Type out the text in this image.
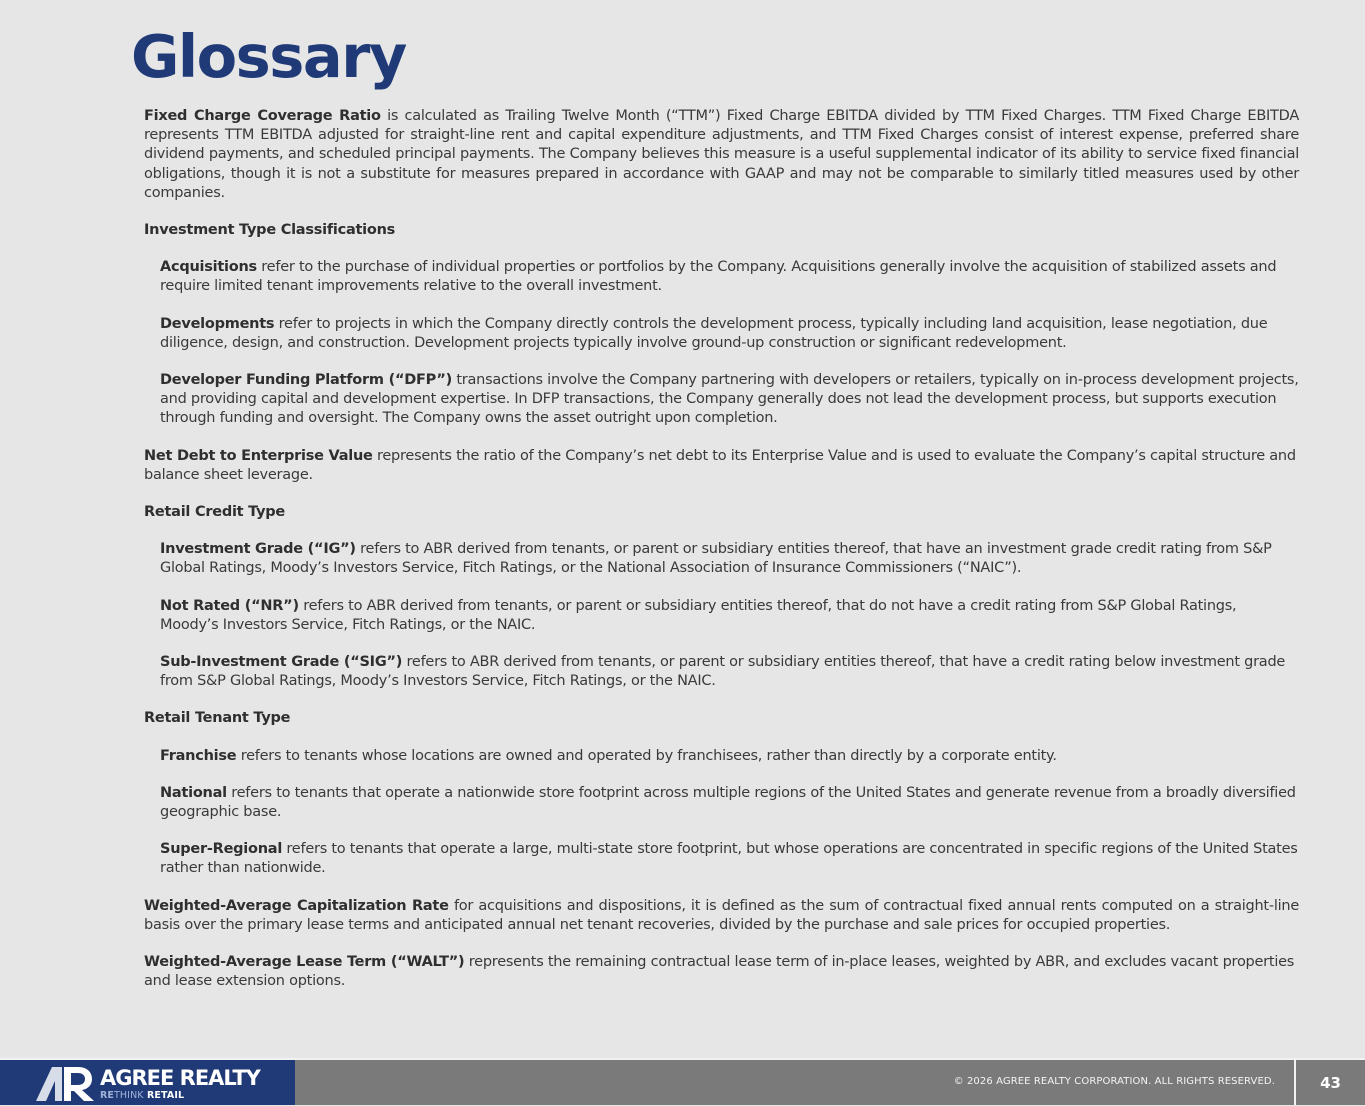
Glossary

Fixed Charge Coverage Ratio is calculated as Trailing Twelve Month (“TTM”) Fixed Charge EBITDA divided by TTM Fixed Charges. TTM Fixed Charge EBITDA represents TTM EBITDA adjusted for straight-line rent and capital expenditure adjustments, and TTM Fixed Charges consist of interest expense, preferred share dividend payments, and scheduled principal payments. The Company believes this measure is a useful supplemental indicator of its ability to service fixed financial obligations, though it is not a substitute for measures prepared in accordance with GAAP and may not be comparable to similarly titled measures used by other companies.

Investment Type Classifications

Acquisitions refer to the purchase of individual properties or portfolios by the Company. Acquisitions generally involve the acquisition of stabilized assets and require limited tenant improvements relative to the overall investment.

Developments refer to projects in which the Company directly controls the development process, typically including land acquisition, lease negotiation, due diligence, design, and construction. Development projects typically involve ground-up construction or significant redevelopment.

Developer Funding Platform (“DFP”) transactions involve the Company partnering with developers or retailers, typically on in-process development projects, and providing capital and development expertise. In DFP transactions, the Company generally does not lead the development process, but supports execution through funding and oversight. The Company owns the asset outright upon completion.

Net Debt to Enterprise Value represents the ratio of the Company’s net debt to its Enterprise Value and is used to evaluate the Company’s capital structure and balance sheet leverage.

Retail Credit Type

Investment Grade (“IG”) refers to ABR derived from tenants, or parent or subsidiary entities thereof, that have an investment grade credit rating from S&P Global Ratings, Moody’s Investors Service, Fitch Ratings, or the National Association of Insurance Commissioners (“NAIC”).

Not Rated (“NR”) refers to ABR derived from tenants, or parent or subsidiary entities thereof, that do not have a credit rating from S&P Global Ratings, Moody’s Investors Service, Fitch Ratings, or the NAIC.

Sub-Investment Grade (“SIG”) refers to ABR derived from tenants, or parent or subsidiary entities thereof, that have a credit rating below investment grade from S&P Global Ratings, Moody’s Investors Service, Fitch Ratings, or the NAIC.

Retail Tenant Type

Franchise refers to tenants whose locations are owned and operated by franchisees, rather than directly by a corporate entity.

National refers to tenants that operate a nationwide store footprint across multiple regions of the United States and generate revenue from a broadly diversified geographic base.

Super-Regional refers to tenants that operate a large, multi-state store footprint, but whose operations are concentrated in specific regions of the United States rather than nationwide.

Weighted-Average Capitalization Rate for acquisitions and dispositions, it is defined as the sum of contractual fixed annual rents computed on a straight-line basis over the primary lease terms and anticipated annual net tenant recoveries, divided by the purchase and sale prices for occupied properties.

Weighted-Average Lease Term (“WALT”) represents the remaining contractual lease term of in-place leases, weighted by ABR, and excludes vacant properties and lease extension options.

AGREE REALTY
RETHINK RETAIL
© 2026 AGREE REALTY CORPORATION. ALL RIGHTS RESERVED.	43
